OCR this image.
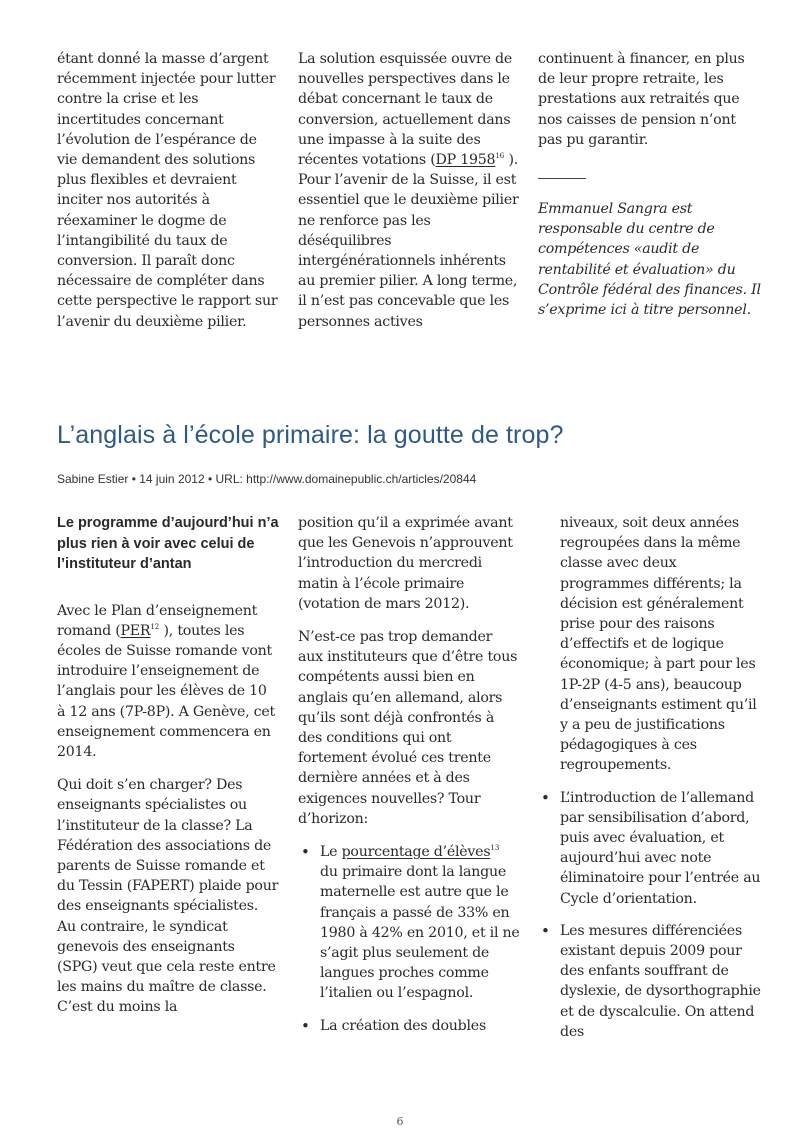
étant donné la masse d’argent récemment injectée pour lutter contre la crise et les incertitudes concernant l’évolution de l’espérance de vie demandent des solutions plus flexibles et devraient inciter nos autorités à réexaminer le dogme de l’intangibilité du taux de conversion. Il paraît donc nécessaire de compléter dans cette perspective le rapport sur l’avenir du deuxième pilier.

La solution esquissée ouvre de nouvelles perspectives dans le débat concernant le taux de conversion, actuellement dans une impasse à la suite des récentes votations (DP 1958$^{16}$ ). Pour l’avenir de la Suisse, il est essentiel que le deuxième pilier ne renforce pas les déséquilibres intergénérationnels inhérents au premier pilier. A long terme, il n’est pas concevable que les personnes actives

continuent à financer, en plus de leur propre retraite, les prestations aux retraités que nos caisses de pension n’ont pas pu garantir.

Emmanuel Sangra est responsable du centre de compétences «audit de rentabilité et évaluation» du Contrôle fédéral des finances. Il s’exprime ici à titre personnel.

L’anglais à l’école primaire: la goutte de trop?
Sabine Estier • 14 juin 2012 • URL: http://www.domainepublic.ch/articles/20844

Le programme d’aujourd’hui n’a plus rien à voir avec celui de l’instituteur d’antan

Avec le Plan d’enseignement romand (PER$^{12}$ ), toutes les écoles de Suisse romande vont introduire l’enseignement de l’anglais pour les élèves de 10 à 12 ans (7P-8P). A Genève, cet enseignement commencera en 2014.

Qui doit s’en charger? Des enseignants spécialistes ou l’instituteur de la classe? La Fédération des associations de parents de Suisse romande et du Tessin (FAPERT) plaide pour des enseignants spécialistes. Au contraire, le syndicat genevois des enseignants (SPG) veut que cela reste entre les mains du maître de classe. C’est du moins la

position qu’il a exprimée avant que les Genevois n’approuvent l’introduction du mercredi matin à l’école primaire (votation de mars 2012).

N’est-ce pas trop demander aux instituteurs que d’être tous compétents aussi bien en anglais qu’en allemand, alors qu’ils sont déjà confrontés à des conditions qui ont fortement évolué ces trente dernière années et à des exigences nouvelles? Tour d’horizon:

• Le pourcentage d’élèves$^{13}$ du primaire dont la langue maternelle est autre que le français a passé de 33% en 1980 à 42% en 2010, et il ne s’agit plus seulement de langues proches comme l’italien ou l’espagnol.
• La création des doubles

niveaux, soit deux années regroupées dans la même classe avec deux programmes différents; la décision est généralement prise pour des raisons d’effectifs et de logique économique; à part pour les 1P-2P (4-5 ans), beaucoup d’enseignants estiment qu’il y a peu de justifications pédagogiques à ces regroupements.

• L’introduction de l’allemand par sensibilisation d’abord, puis avec évaluation, et aujourd’hui avec note éliminatoire pour l’entrée au Cycle d’orientation.
• Les mesures différenciées existant depuis 2009 pour des enfants souffrant de dyslexie, de dysorthographie et de dyscalculie. On attend des
6
